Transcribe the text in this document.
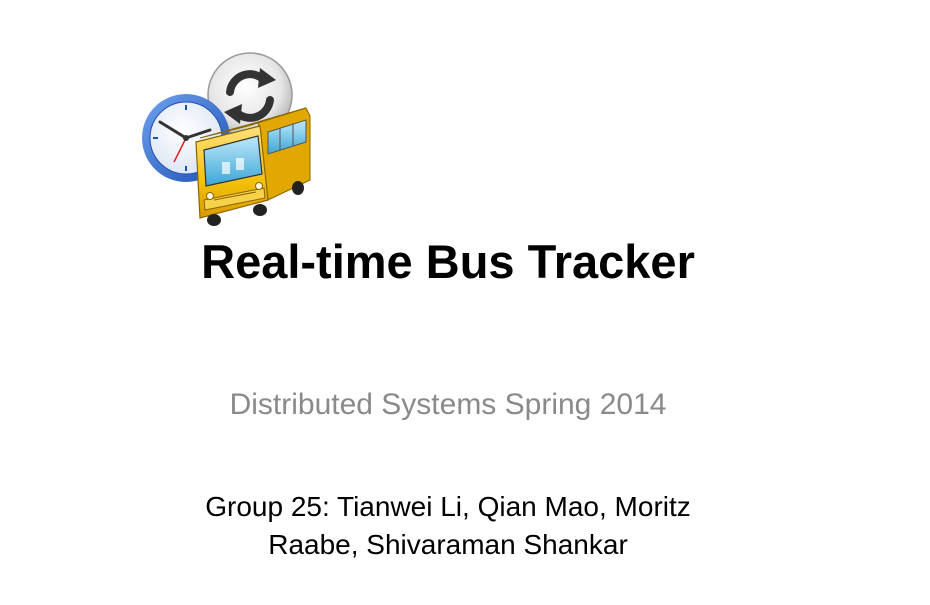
Real-time Bus Tracker
Distributed Systems Spring 2014
Group 25: Tianwei Li, Qian Mao, Moritz
Raabe, Shivaraman Shankar
